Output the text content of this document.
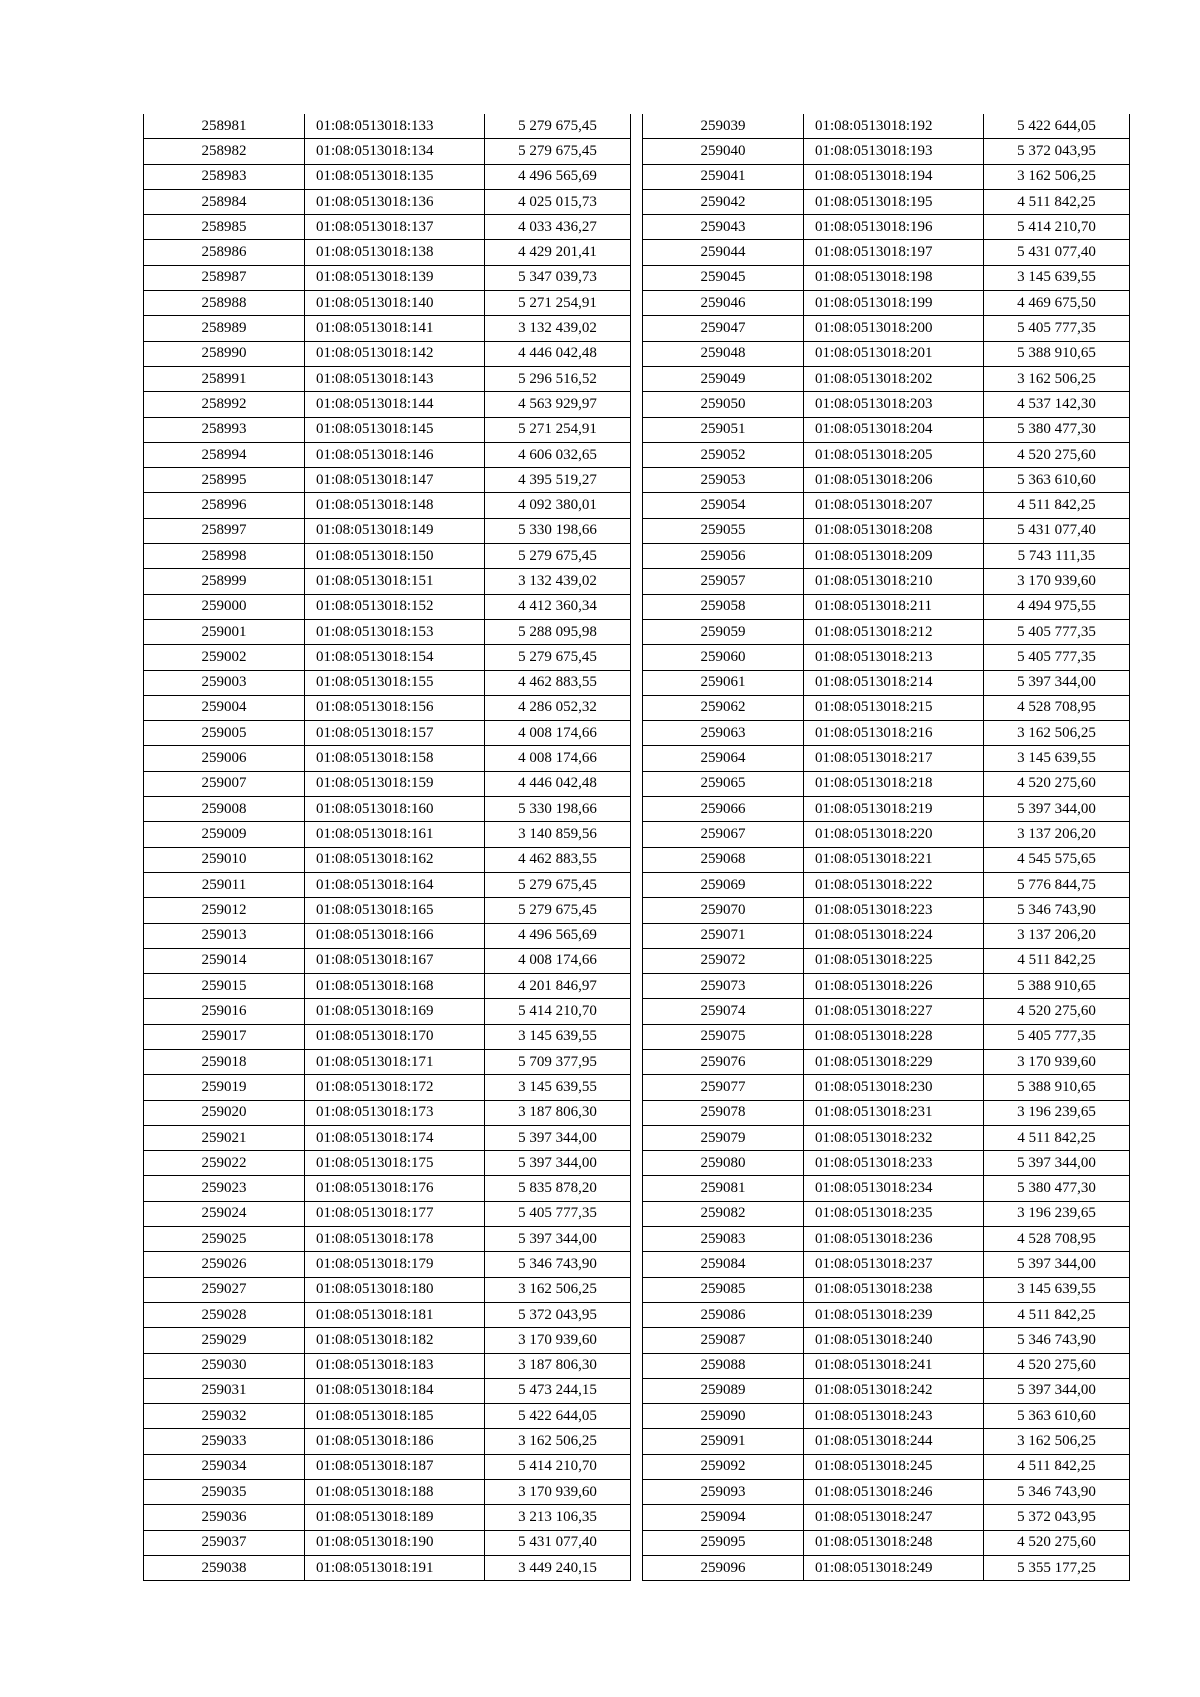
258981	01:08:0513018:133	5 279 675,45
258982	01:08:0513018:134	5 279 675,45
258983	01:08:0513018:135	4 496 565,69
258984	01:08:0513018:136	4 025 015,73
258985	01:08:0513018:137	4 033 436,27
258986	01:08:0513018:138	4 429 201,41
258987	01:08:0513018:139	5 347 039,73
258988	01:08:0513018:140	5 271 254,91
258989	01:08:0513018:141	3 132 439,02
258990	01:08:0513018:142	4 446 042,48
258991	01:08:0513018:143	5 296 516,52
258992	01:08:0513018:144	4 563 929,97
258993	01:08:0513018:145	5 271 254,91
258994	01:08:0513018:146	4 606 032,65
258995	01:08:0513018:147	4 395 519,27
258996	01:08:0513018:148	4 092 380,01
258997	01:08:0513018:149	5 330 198,66
258998	01:08:0513018:150	5 279 675,45
258999	01:08:0513018:151	3 132 439,02
259000	01:08:0513018:152	4 412 360,34
259001	01:08:0513018:153	5 288 095,98
259002	01:08:0513018:154	5 279 675,45
259003	01:08:0513018:155	4 462 883,55
259004	01:08:0513018:156	4 286 052,32
259005	01:08:0513018:157	4 008 174,66
259006	01:08:0513018:158	4 008 174,66
259007	01:08:0513018:159	4 446 042,48
259008	01:08:0513018:160	5 330 198,66
259009	01:08:0513018:161	3 140 859,56
259010	01:08:0513018:162	4 462 883,55
259011	01:08:0513018:164	5 279 675,45
259012	01:08:0513018:165	5 279 675,45
259013	01:08:0513018:166	4 496 565,69
259014	01:08:0513018:167	4 008 174,66
259015	01:08:0513018:168	4 201 846,97
259016	01:08:0513018:169	5 414 210,70
259017	01:08:0513018:170	3 145 639,55
259018	01:08:0513018:171	5 709 377,95
259019	01:08:0513018:172	3 145 639,55
259020	01:08:0513018:173	3 187 806,30
259021	01:08:0513018:174	5 397 344,00
259022	01:08:0513018:175	5 397 344,00
259023	01:08:0513018:176	5 835 878,20
259024	01:08:0513018:177	5 405 777,35
259025	01:08:0513018:178	5 397 344,00
259026	01:08:0513018:179	5 346 743,90
259027	01:08:0513018:180	3 162 506,25
259028	01:08:0513018:181	5 372 043,95
259029	01:08:0513018:182	3 170 939,60
259030	01:08:0513018:183	3 187 806,30
259031	01:08:0513018:184	5 473 244,15
259032	01:08:0513018:185	5 422 644,05
259033	01:08:0513018:186	3 162 506,25
259034	01:08:0513018:187	5 414 210,70
259035	01:08:0513018:188	3 170 939,60
259036	01:08:0513018:189	3 213 106,35
259037	01:08:0513018:190	5 431 077,40
259038	01:08:0513018:191	3 449 240,15
259039	01:08:0513018:192	5 422 644,05
259040	01:08:0513018:193	5 372 043,95
259041	01:08:0513018:194	3 162 506,25
259042	01:08:0513018:195	4 511 842,25
259043	01:08:0513018:196	5 414 210,70
259044	01:08:0513018:197	5 431 077,40
259045	01:08:0513018:198	3 145 639,55
259046	01:08:0513018:199	4 469 675,50
259047	01:08:0513018:200	5 405 777,35
259048	01:08:0513018:201	5 388 910,65
259049	01:08:0513018:202	3 162 506,25
259050	01:08:0513018:203	4 537 142,30
259051	01:08:0513018:204	5 380 477,30
259052	01:08:0513018:205	4 520 275,60
259053	01:08:0513018:206	5 363 610,60
259054	01:08:0513018:207	4 511 842,25
259055	01:08:0513018:208	5 431 077,40
259056	01:08:0513018:209	5 743 111,35
259057	01:08:0513018:210	3 170 939,60
259058	01:08:0513018:211	4 494 975,55
259059	01:08:0513018:212	5 405 777,35
259060	01:08:0513018:213	5 405 777,35
259061	01:08:0513018:214	5 397 344,00
259062	01:08:0513018:215	4 528 708,95
259063	01:08:0513018:216	3 162 506,25
259064	01:08:0513018:217	3 145 639,55
259065	01:08:0513018:218	4 520 275,60
259066	01:08:0513018:219	5 397 344,00
259067	01:08:0513018:220	3 137 206,20
259068	01:08:0513018:221	4 545 575,65
259069	01:08:0513018:222	5 776 844,75
259070	01:08:0513018:223	5 346 743,90
259071	01:08:0513018:224	3 137 206,20
259072	01:08:0513018:225	4 511 842,25
259073	01:08:0513018:226	5 388 910,65
259074	01:08:0513018:227	4 520 275,60
259075	01:08:0513018:228	5 405 777,35
259076	01:08:0513018:229	3 170 939,60
259077	01:08:0513018:230	5 388 910,65
259078	01:08:0513018:231	3 196 239,65
259079	01:08:0513018:232	4 511 842,25
259080	01:08:0513018:233	5 397 344,00
259081	01:08:0513018:234	5 380 477,30
259082	01:08:0513018:235	3 196 239,65
259083	01:08:0513018:236	4 528 708,95
259084	01:08:0513018:237	5 397 344,00
259085	01:08:0513018:238	3 145 639,55
259086	01:08:0513018:239	4 511 842,25
259087	01:08:0513018:240	5 346 743,90
259088	01:08:0513018:241	4 520 275,60
259089	01:08:0513018:242	5 397 344,00
259090	01:08:0513018:243	5 363 610,60
259091	01:08:0513018:244	3 162 506,25
259092	01:08:0513018:245	4 511 842,25
259093	01:08:0513018:246	5 346 743,90
259094	01:08:0513018:247	5 372 043,95
259095	01:08:0513018:248	4 520 275,60
259096	01:08:0513018:249	5 355 177,25
